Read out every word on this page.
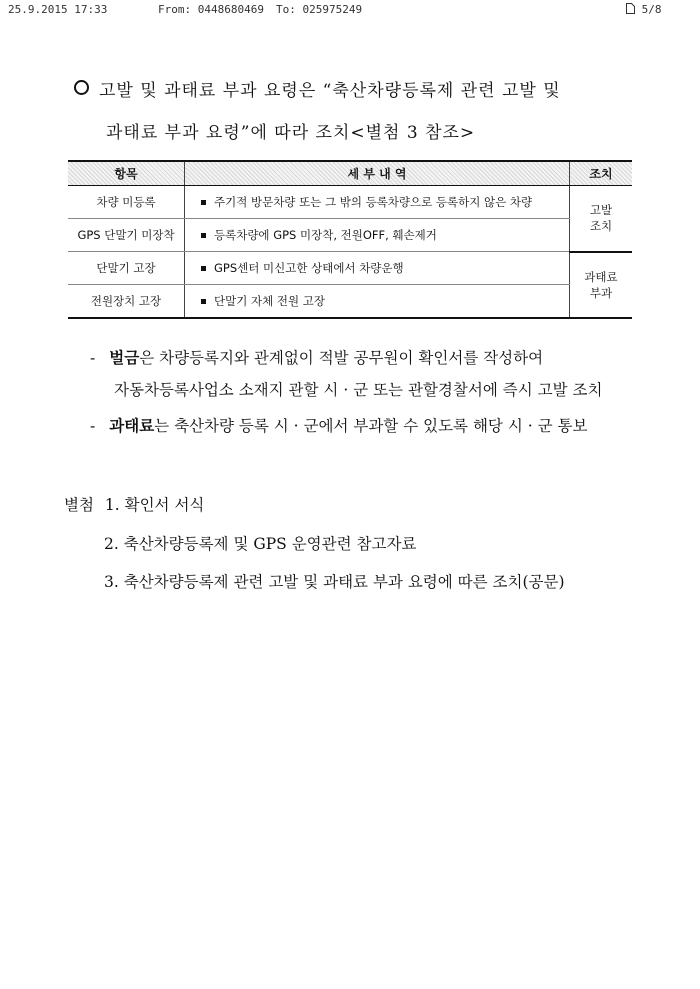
25.9.2015 17:33	From: 0448680469 To: 025975249	5/8
고발 및 과태료 부과 요령은 “축산차량등록제 관련 고발 및
과태료 부과 요령”에 따라 조치<별첨 3 참조>
항목	세 부 내 역	조치
차량 미등록	주기적 방문차량 또는 그 밖의 등록차량으로 등록하지 않은 차량	고발
조치

GPS 단말기 미장착	등록차량에 GPS 미장착, 전원OFF, 훼손제거	
단말기 고장	GPS센터 미신고한 상태에서 차량운행	과태료
부과

전원장치 고장	단말기 자체 전원 고장	
- 벌금은 차량등록지와 관계없이 적발 공무원이 확인서를 작성하여
자동차등록사업소 소재지 관할 시 · 군 또는 관할경찰서에 즉시 고발 조치
- 과태료는 축산차량 등록 시 · 군에서 부과할 수 있도록 해당 시 · 군 통보
별첨 1. 확인서 서식
2. 축산차량등록제 및 GPS 운영관련 참고자료
3. 축산차량등록제 관련 고발 및 과태료 부과 요령에 따른 조치(공문)
